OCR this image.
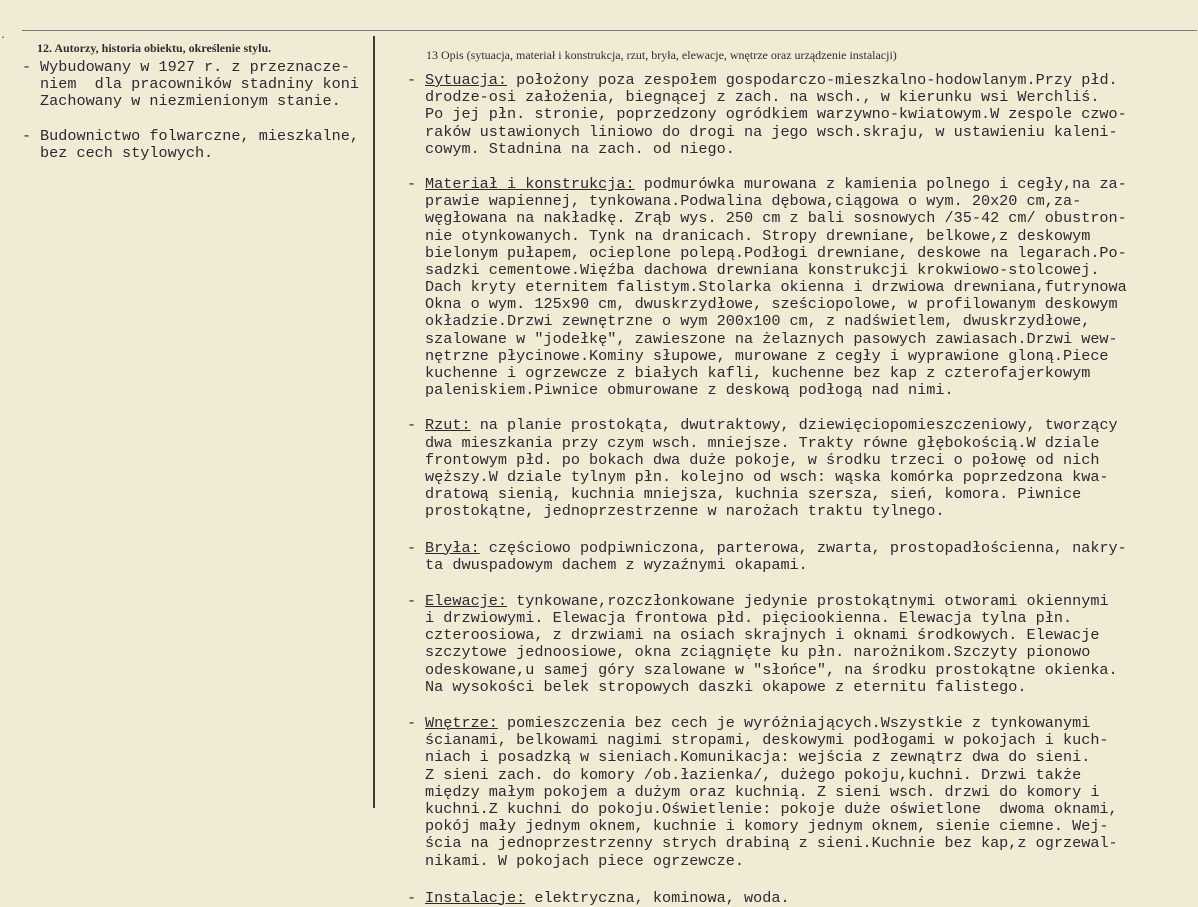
.
12. Autorzy, historia obiektu, określenie stylu.	13 Opis (sytuacja, materiał i konstrukcja, rzut, bryła, elewacje, wnętrze oraz urządzenie instalacji)
- Wybudowany w 1927 r. z przeznacze-
niem  dla pracowników stadniny koni
Zachowany w niezmienionym stanie.
- Budownictwo folwarczne, mieszkalne,
bez cech stylowych.
- Sytuacja: położony poza zespołem gospodarczo-mieszkalno-hodowlanym.Przy płd.
drodze-osi założenia, biegnącej z zach. na wsch., w kierunku wsi Werchliś.
Po jej płn. stronie, poprzedzony ogródkiem warzywno-kwiatowym.W zespole czwo-
raków ustawionych liniowo do drogi na jego wsch.skraju, w ustawieniu kaleni-
cowym. Stadnina na zach. od niego.
- Materiał i konstrukcja: podmurówka murowana z kamienia polnego i cegły,na za-
prawie wapiennej, tynkowana.Podwalina dębowa,ciągowa o wym. 20x20 cm,za-
węgłowana na nakładkę. Zrąb wys. 250 cm z bali sosnowych /35-42 cm/ obustron-
nie otynkowanych. Tynk na dranicach. Stropy drewniane, belkowe,z deskowym
bielonym pułapem, ocieplone polepą.Podłogi drewniane, deskowe na legarach.Po-
sadzki cementowe.Więźba dachowa drewniana konstrukcji krokwiowo-stolcowej.
Dach kryty eternitem falistym.Stolarka okienna i drzwiowa drewniana,futrynowa
Okna o wym. 125x90 cm, dwuskrzydłowe, sześciopolowe, w profilowanym deskowym
okładzie.Drzwi zewnętrzne o wym 200x100 cm, z nadświetlem, dwuskrzydłowe,
szalowane w "jodełkę", zawieszone na żelaznych pasowych zawiasach.Drzwi wew-
nętrzne płycinowe.Kominy słupowe, murowane z cegły i wyprawione gloną.Piece
kuchenne i ogrzewcze z białych kafli, kuchenne bez kap z czterofajerkowym
paleniskiem.Piwnice obmurowane z deskową podłogą nad nimi.
- Rzut: na planie prostokąta, dwutraktowy, dziewięciopomieszczeniowy, tworzący
dwa mieszkania przy czym wsch. mniejsze. Trakty równe głębokością.W dziale
frontowym płd. po bokach dwa duże pokoje, w środku trzeci o połowę od nich
węższy.W dziale tylnym płn. kolejno od wsch: wąska komórka poprzedzona kwa-
dratową sienią, kuchnia mniejsza, kuchnia szersza, sień, komora. Piwnice
prostokątne, jednoprzestrzenne w narożach traktu tylnego.
- Bryła: częściowo podpiwniczona, parterowa, zwarta, prostopadłościenna, nakry-
ta dwuspadowym dachem z wyzaźnymi okapami.
- Elewacje: tynkowane,rozczłonkowane jedynie prostokątnymi otworami okiennymi
i drzwiowymi. Elewacja frontowa płd. pięciookienna. Elewacja tylna płn.
czteroosiowa, z drzwiami na osiach skrajnych i oknami środkowych. Elewacje
szczytowe jednoosiowe, okna zciągnięte ku płn. narożnikom.Szczyty pionowo
odeskowane,u samej góry szalowane w "słońce", na środku prostokątne okienka.
Na wysokości belek stropowych daszki okapowe z eternitu falistego.
- Wnętrze: pomieszczenia bez cech je wyróżniających.Wszystkie z tynkowanymi
ścianami, belkowami nagimi stropami, deskowymi podłogami w pokojach i kuch-
niach i posadzką w sieniach.Komunikacja: wejścia z zewnątrz dwa do sieni.
Z sieni zach. do komory /ob.łazienka/, dużego pokoju,kuchni. Drzwi także
między małym pokojem a dużym oraz kuchnią. Z sieni wsch. drzwi do komory i
kuchni.Z kuchni do pokoju.Oświetlenie: pokoje duże oświetlone  dwoma oknami,
pokój mały jednym oknem, kuchnie i komory jednym oknem, sienie ciemne. Wej-
ścia na jednoprzestrzenny strych drabiną z sieni.Kuchnie bez kap,z ogrzewal-
nikami. W pokojach piece ogrzewcze.
- Instalacje: elektryczna, kominowa, woda.
